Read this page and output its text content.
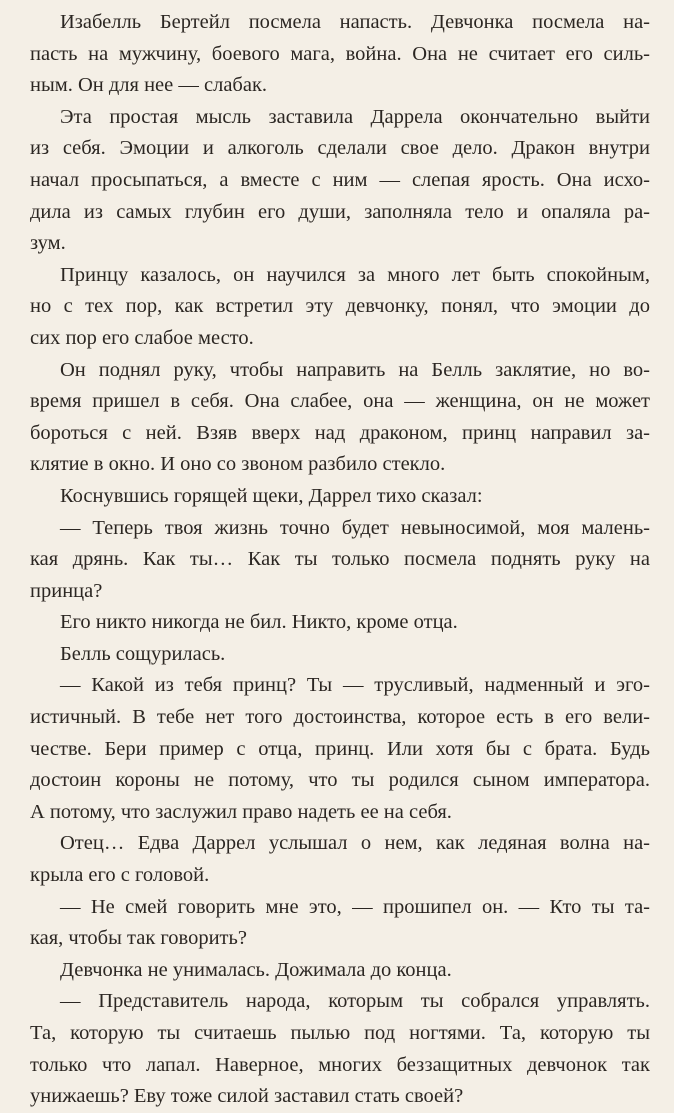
Изабелль Бертейл посмела напасть. Девчонка посмела на-
пасть на мужчину, боевого мага, война. Она не считает его силь-
ным. Он для нее — слабак.

Эта простая мысль заставила Даррела окончательно выйти
из себя. Эмоции и алкоголь сделали свое дело. Дракон внутри
начал просыпаться, а вместе с ним — слепая ярость. Она исхо-
дила из самых глубин его души, заполняла тело и опаляла ра-
зум.

Принцу казалось, он научился за много лет быть спокойным,
но с тех пор, как встретил эту девчонку, понял, что эмоции до
сих пор его слабое место.

Он поднял руку, чтобы направить на Белль заклятие, но во-
время пришел в себя. Она слабее, она — женщина, он не может
бороться с ней. Взяв вверх над драконом, принц направил за-
клятие в окно. И оно со звоном разбило стекло.

Коснувшись горящей щеки, Даррел тихо сказал:

— Теперь твоя жизнь точно будет невыносимой, моя малень-
кая дрянь. Как ты… Как ты только посмела поднять руку на
принца?

Его никто никогда не бил. Никто, кроме отца.

Белль сощурилась.

— Какой из тебя принц? Ты — трусливый, надменный и эго-
истичный. В тебе нет того достоинства, которое есть в его вели-
честве. Бери пример с отца, принц. Или хотя бы с брата. Будь
достоин короны не потому, что ты родился сыном императора.
А потому, что заслужил право надеть ее на себя.

Отец… Едва Даррел услышал о нем, как ледяная волна на-
крыла его с головой.

— Не смей говорить мне это, — прошипел он. — Кто ты та-
кая, чтобы так говорить?

Девчонка не унималась. Дожимала до конца.

— Представитель народа, которым ты собрался управлять.
Та, которую ты считаешь пылью под ногтями. Та, которую ты
только что лапал. Наверное, многих беззащитных девчонок так
унижаешь? Еву тоже силой заставил стать своей?
